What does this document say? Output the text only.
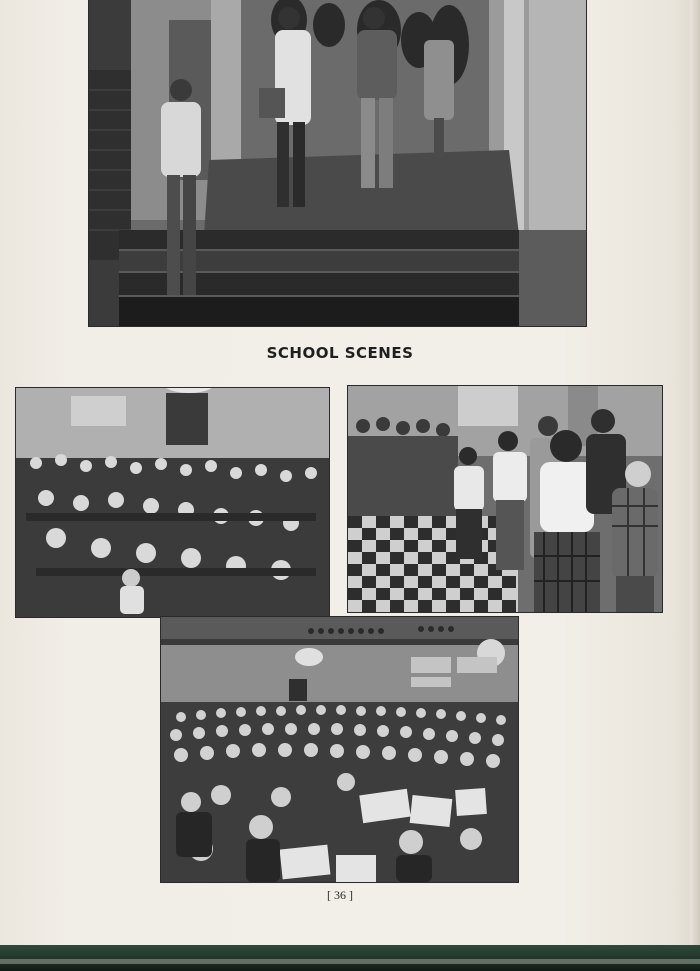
SCHOOL SCENES
[ 36 ]
